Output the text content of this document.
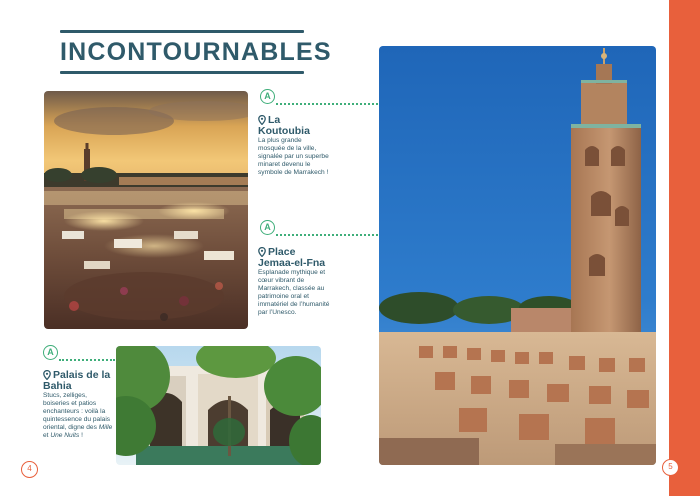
INCONTOURNABLES
A
La Koutoubia

La plus grande mosquée de la ville, signalée par un superbe minaret devenu le symbole de Marrakech !

A
Place Jemaa-el-Fna

Esplanade mythique et cœur vibrant de Marrakech, classée au patrimoine oral et immatériel de l’humanité par l’Unesco.

A
Palais de la Bahia

Stucs, zelliges, boiseries et patios enchanteurs : voilà la quintessence du palais oriental, digne des Mille et Une Nuits !

4	5
